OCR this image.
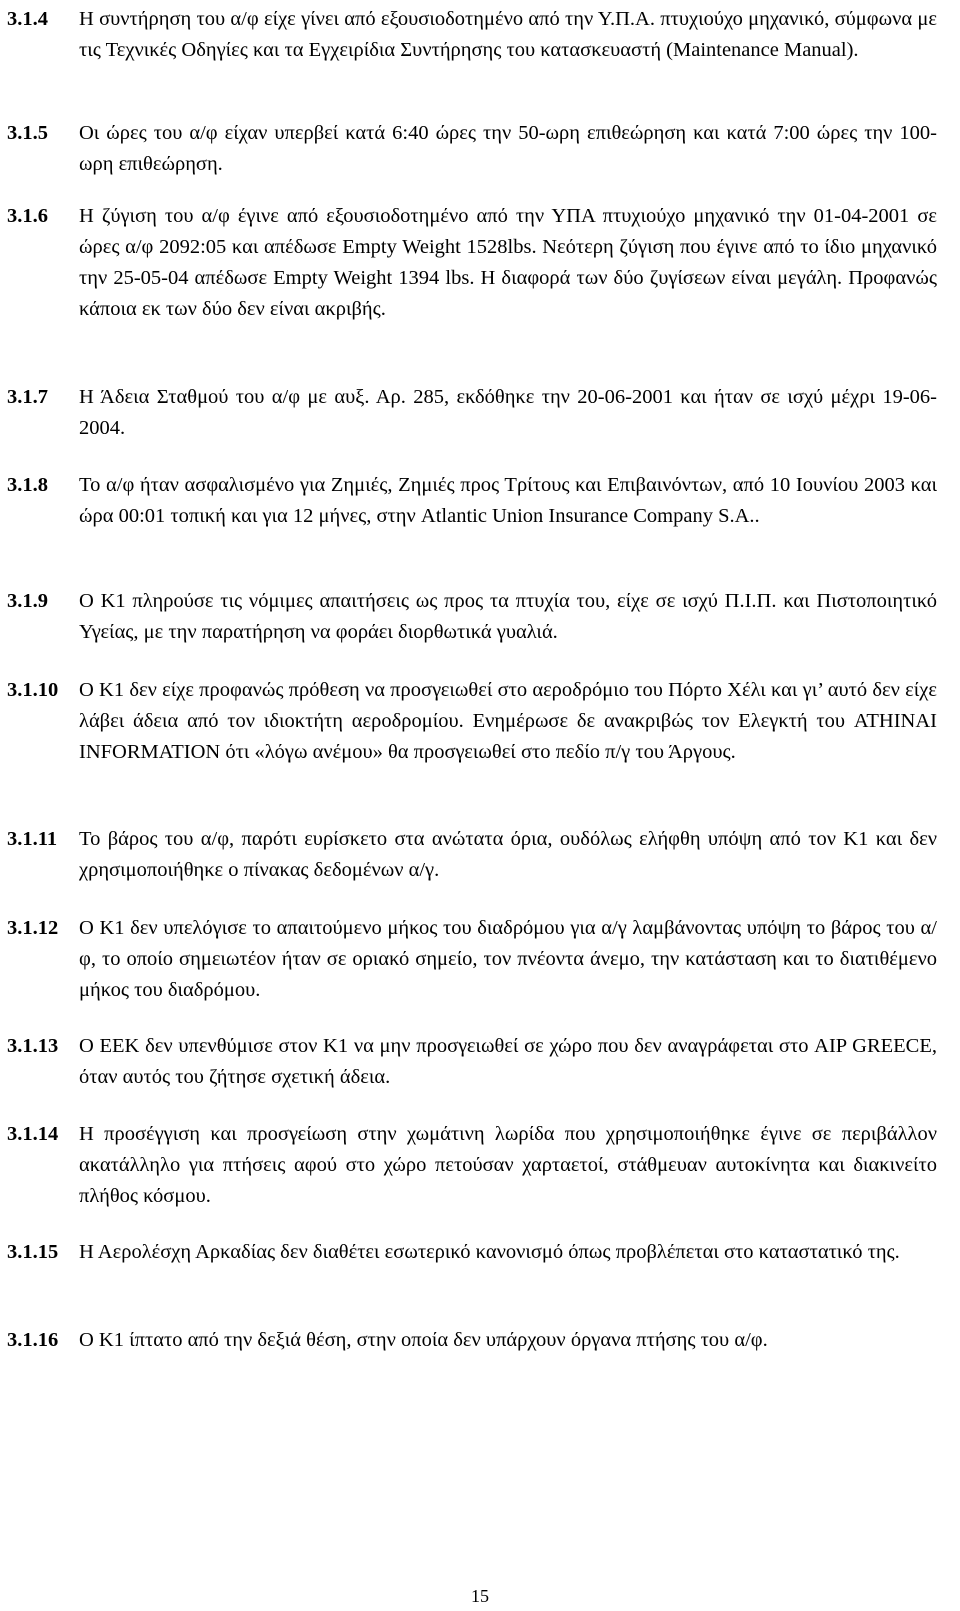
3.1.4	Η συντήρηση του α/φ είχε γίνει από εξουσιοδοτημένο από την Υ.Π.Α. πτυχιούχο μηχανικό, σύμφωνα με τις Τεχνικές Οδηγίες και τα Εγχειρίδια Συντήρησης του κατασκευαστή (Maintenance Manual).
3.1.5	Οι ώρες του α/φ είχαν υπερβεί κατά 6:40 ώρες την 50-ωρη επιθεώρηση και κατά 7:00 ώρες την 100-ωρη επιθεώρηση.
3.1.6	Η ζύγιση του α/φ έγινε από εξουσιοδοτημένο από την ΥΠΑ πτυχιούχο μηχανικό την 01-04-2001 σε ώρες α/φ 2092:05 και απέδωσε Empty Weight 1528lbs. Νεότερη ζύγιση που έγινε από το ίδιο μηχανικό την 25-05-04 απέδωσε Empty Weight 1394 lbs. Η διαφορά των δύο ζυγίσεων είναι μεγάλη. Προφανώς κάποια εκ των δύο δεν είναι ακριβής.
3.1.7	Η Άδεια Σταθμού του α/φ με αυξ. Αρ. 285, εκδόθηκε την 20-06-2001 και ήταν σε ισχύ μέχρι 19-06-2004.
3.1.8	Το α/φ ήταν ασφαλισμένο για Ζημιές, Ζημιές προς Τρίτους και Επιβαινόντων, από 10 Ιουνίου 2003 και ώρα 00:01 τοπική και για 12 μήνες, στην Atlantic Union Insurance Company S.A..
3.1.9	Ο Κ1 πληρούσε τις νόμιμες απαιτήσεις ως προς τα πτυχία του, είχε σε ισχύ Π.Ι.Π. και Πιστοποιητικό Υγείας, με την παρατήρηση να φοράει διορθωτικά γυαλιά.
3.1.10	Ο Κ1 δεν είχε προφανώς πρόθεση να προσγειωθεί στο αεροδρόμιο του Πόρτο Χέλι και γι’ αυτό δεν είχε λάβει άδεια από τον ιδιοκτήτη αεροδρομίου. Ενημέρωσε δε ανακριβώς τον Ελεγκτή του ATHINAI INFORMATION ότι «λόγω ανέμου» θα προσγειωθεί στο πεδίο π/γ του Άργους.
3.1.11	Το βάρος του α/φ, παρότι ευρίσκετο στα ανώτατα όρια, ουδόλως ελήφθη υπόψη από τον Κ1 και δεν χρησιμοποιήθηκε ο πίνακας δεδομένων α/γ.
3.1.12	Ο Κ1 δεν υπελόγισε το απαιτούμενο μήκος του διαδρόμου για α/γ λαμβάνοντας υπόψη το βάρος του α/φ, το οποίο σημειωτέον ήταν σε οριακό σημείο, τον πνέοντα άνεμο, την κατάσταση και το διατιθέμενο μήκος του διαδρόμου.
3.1.13	Ο ΕΕΚ δεν υπενθύμισε στον Κ1 να μην προσγειωθεί σε χώρο που δεν αναγράφεται στο AIP GREECE, όταν αυτός του ζήτησε σχετική άδεια.
3.1.14	Η προσέγγιση και προσγείωση στην χωμάτινη λωρίδα που χρησιμοποιήθηκε έγινε σε περιβάλλον ακατάλληλο για πτήσεις αφού στο χώρο πετούσαν χαρταετοί, στάθμευαν αυτοκίνητα και διακινείτο πλήθος κόσμου.
3.1.15	Η Αερολέσχη Αρκαδίας δεν διαθέτει εσωτερικό κανονισμό όπως προβλέπεται στο καταστατικό της.
3.1.16	Ο Κ1 ίπτατο από την δεξιά θέση, στην οποία δεν υπάρχουν όργανα πτήσης του α/φ.
15
